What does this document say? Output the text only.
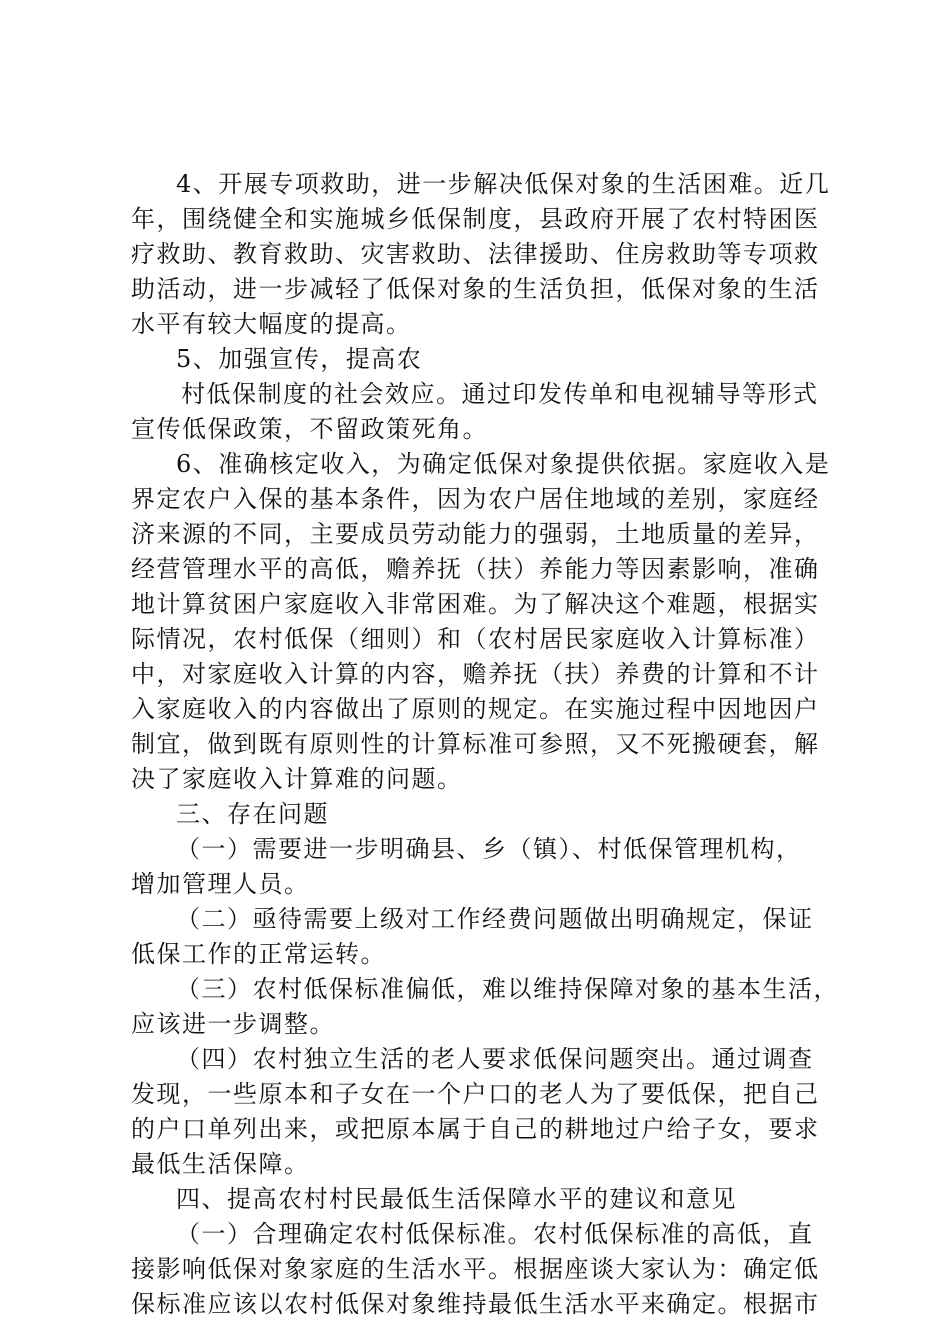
4、开展专项救助，进一步解决低保对象的生活困难。近几
年，围绕健全和实施城乡低保制度，县政府开展了农村特困医
疗救助、教育救助、灾害救助、法律援助、住房救助等专项救
助活动，进一步减轻了低保对象的生活负担，低保对象的生活
水平有较大幅度的提高。
5、加强宣传，提高农
村低保制度的社会效应。通过印发传单和电视辅导等形式
宣传低保政策，不留政策死角。
6、准确核定收入，为确定低保对象提供依据。家庭收入是
界定农户入保的基本条件，因为农户居住地域的差别，家庭经
济来源的不同，主要成员劳动能力的强弱，土地质量的差异，
经营管理水平的高低，赡养抚（扶）养能力等因素影响，准确
地计算贫困户家庭收入非常困难。为了解决这个难题，根据实
际情况，农村低保（细则）和（农村居民家庭收入计算标准）
中，对家庭收入计算的内容，赡养抚（扶）养费的计算和不计
入家庭收入的内容做出了原则的规定。在实施过程中因地因户
制宜，做到既有原则性的计算标准可参照，又不死搬硬套，解
决了家庭收入计算难的问题。
三、存在问题
（一）需要进一步明确县、乡（镇）、村低保管理机构，
增加管理人员。
（二）亟待需要上级对工作经费问题做出明确规定，保证
低保工作的正常运转。
（三）农村低保标准偏低，难以维持保障对象的基本生活，
应该进一步调整。
（四）农村独立生活的老人要求低保问题突出。通过调查
发现，一些原本和子女在一个户口的老人为了要低保，把自己
的户口单列出来，或把原本属于自己的耕地过户给子女，要求
最低生活保障。
四、提高农村村民最低生活保障水平的建议和意见
（一）合理确定农村低保标准。农村低保标准的高低，直
接影响低保对象家庭的生活水平。根据座谈大家认为：确定低
保标准应该以农村低保对象维持最低生活水平来确定。根据市
